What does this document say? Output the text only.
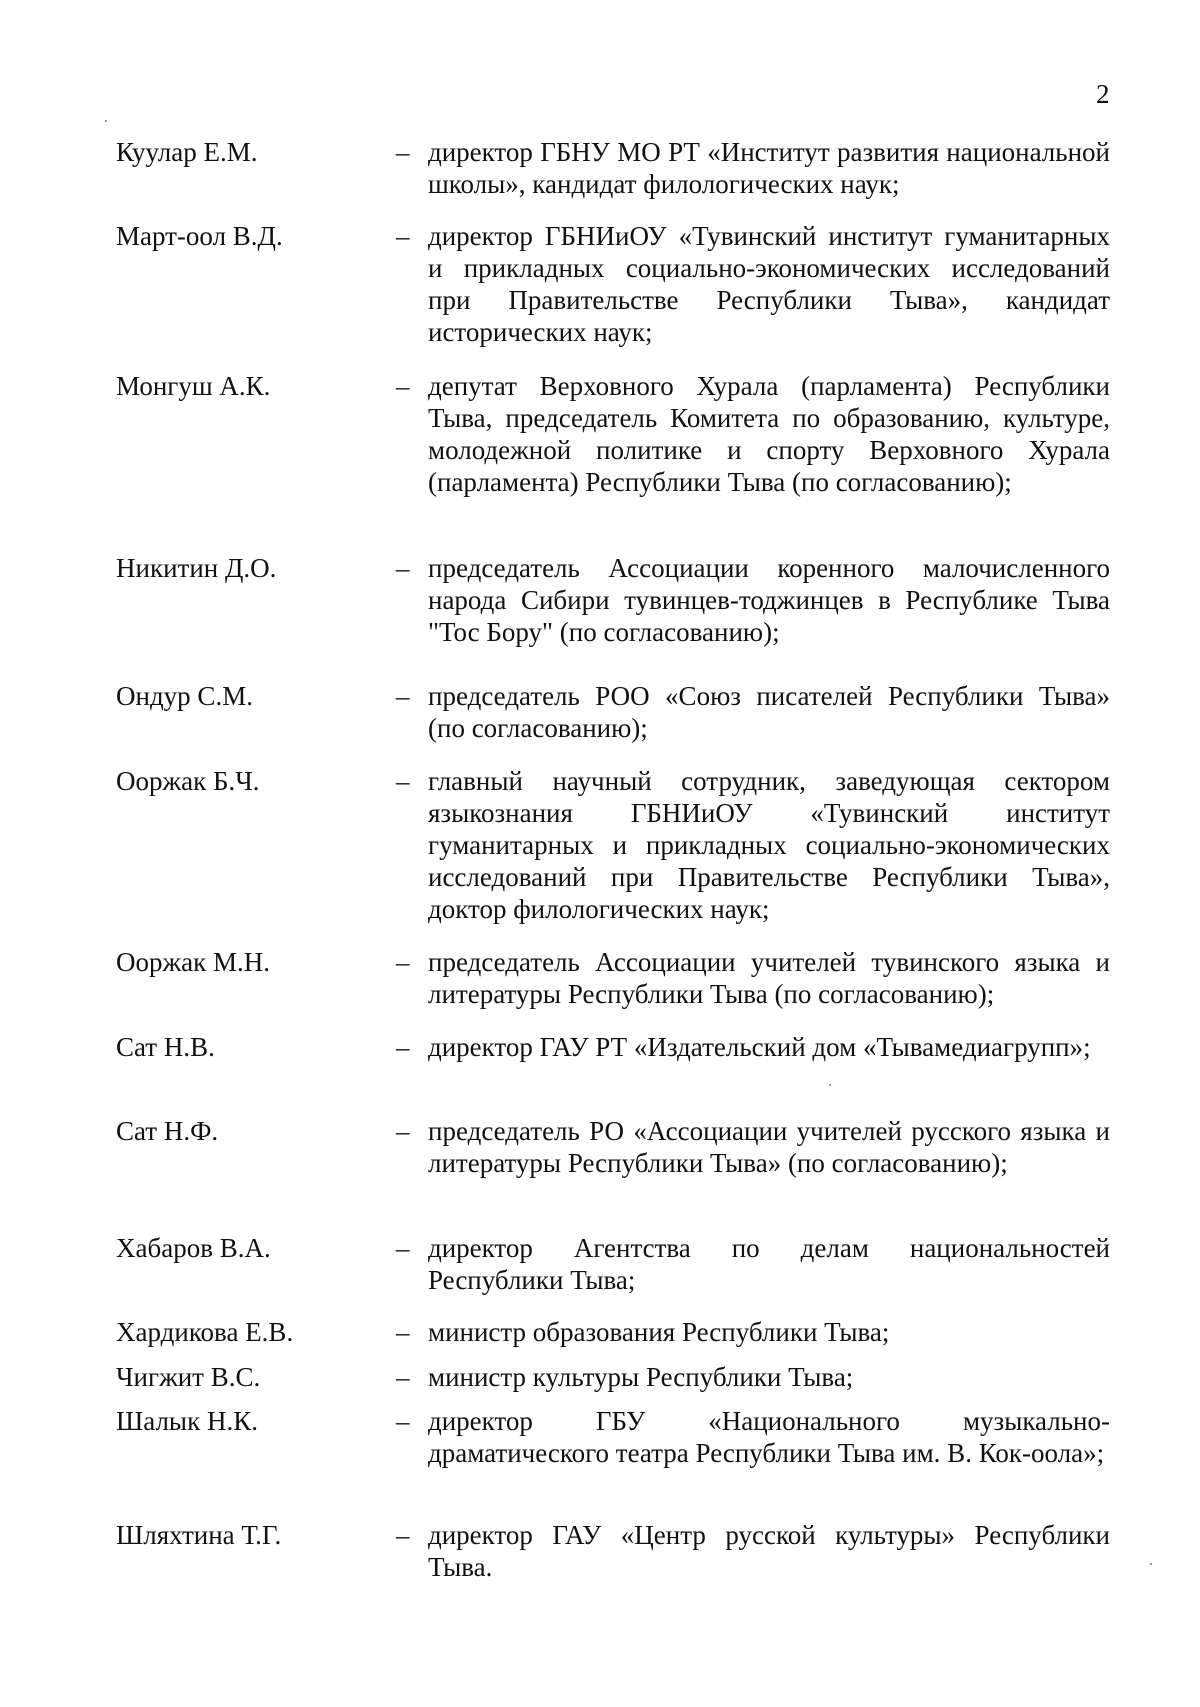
2
Куулар Е.М.	– директор ГБНУ МО РТ «Институт развития национальной школы», кандидат филологических наук;
Март-оол В.Д.	– директор ГБНИиОУ «Тувинский институт гуманитарных и прикладных социально-экономических исследований при Правительстве Республики Тыва», кандидат исторических наук;
Монгуш А.К.	– депутат Верховного Хурала (парламента) Республики Тыва, председатель Комитета по образованию, культуре, молодежной политике и спорту Верховного Хурала (парламента) Республики Тыва (по согласованию);
Никитин Д.О.	– председатель Ассоциации коренного малочисленного народа Сибири тувинцев-тоджинцев в Республике Тыва "Тос Бору" (по согласованию);
Ондур С.М.	– председатель РОО «Союз писателей Республики Тыва» (по согласованию);
Ооржак Б.Ч.	– главный научный сотрудник, заведующая сектором языкознания ГБНИиОУ «Тувинский институт гуманитарных и прикладных социально-экономических исследований при Правительстве Республики Тыва», доктор филологических наук;
Ооржак М.Н.	– председатель Ассоциации учителей тувинского языка и литературы Республики Тыва (по согласованию);
Сат Н.В.	– директор ГАУ РТ «Издательский дом «Тывамедиагрупп»;
Сат Н.Ф.	– председатель РО «Ассоциации учителей русского языка и литературы Республики Тыва» (по согласованию);
Хабаров В.А.	– директор Агентства по делам национальностей Республики Тыва;
Хардикова Е.В.	– министр образования Республики Тыва;
Чигжит В.С.	– министр культуры Республики Тыва;
Шалык Н.К.	– директор ГБУ «Национального музыкально-драматического театра Республики Тыва им. В. Кок-оола»;
Шляхтина Т.Г.	– директор ГАУ «Центр русской культуры» Республики Тыва.
